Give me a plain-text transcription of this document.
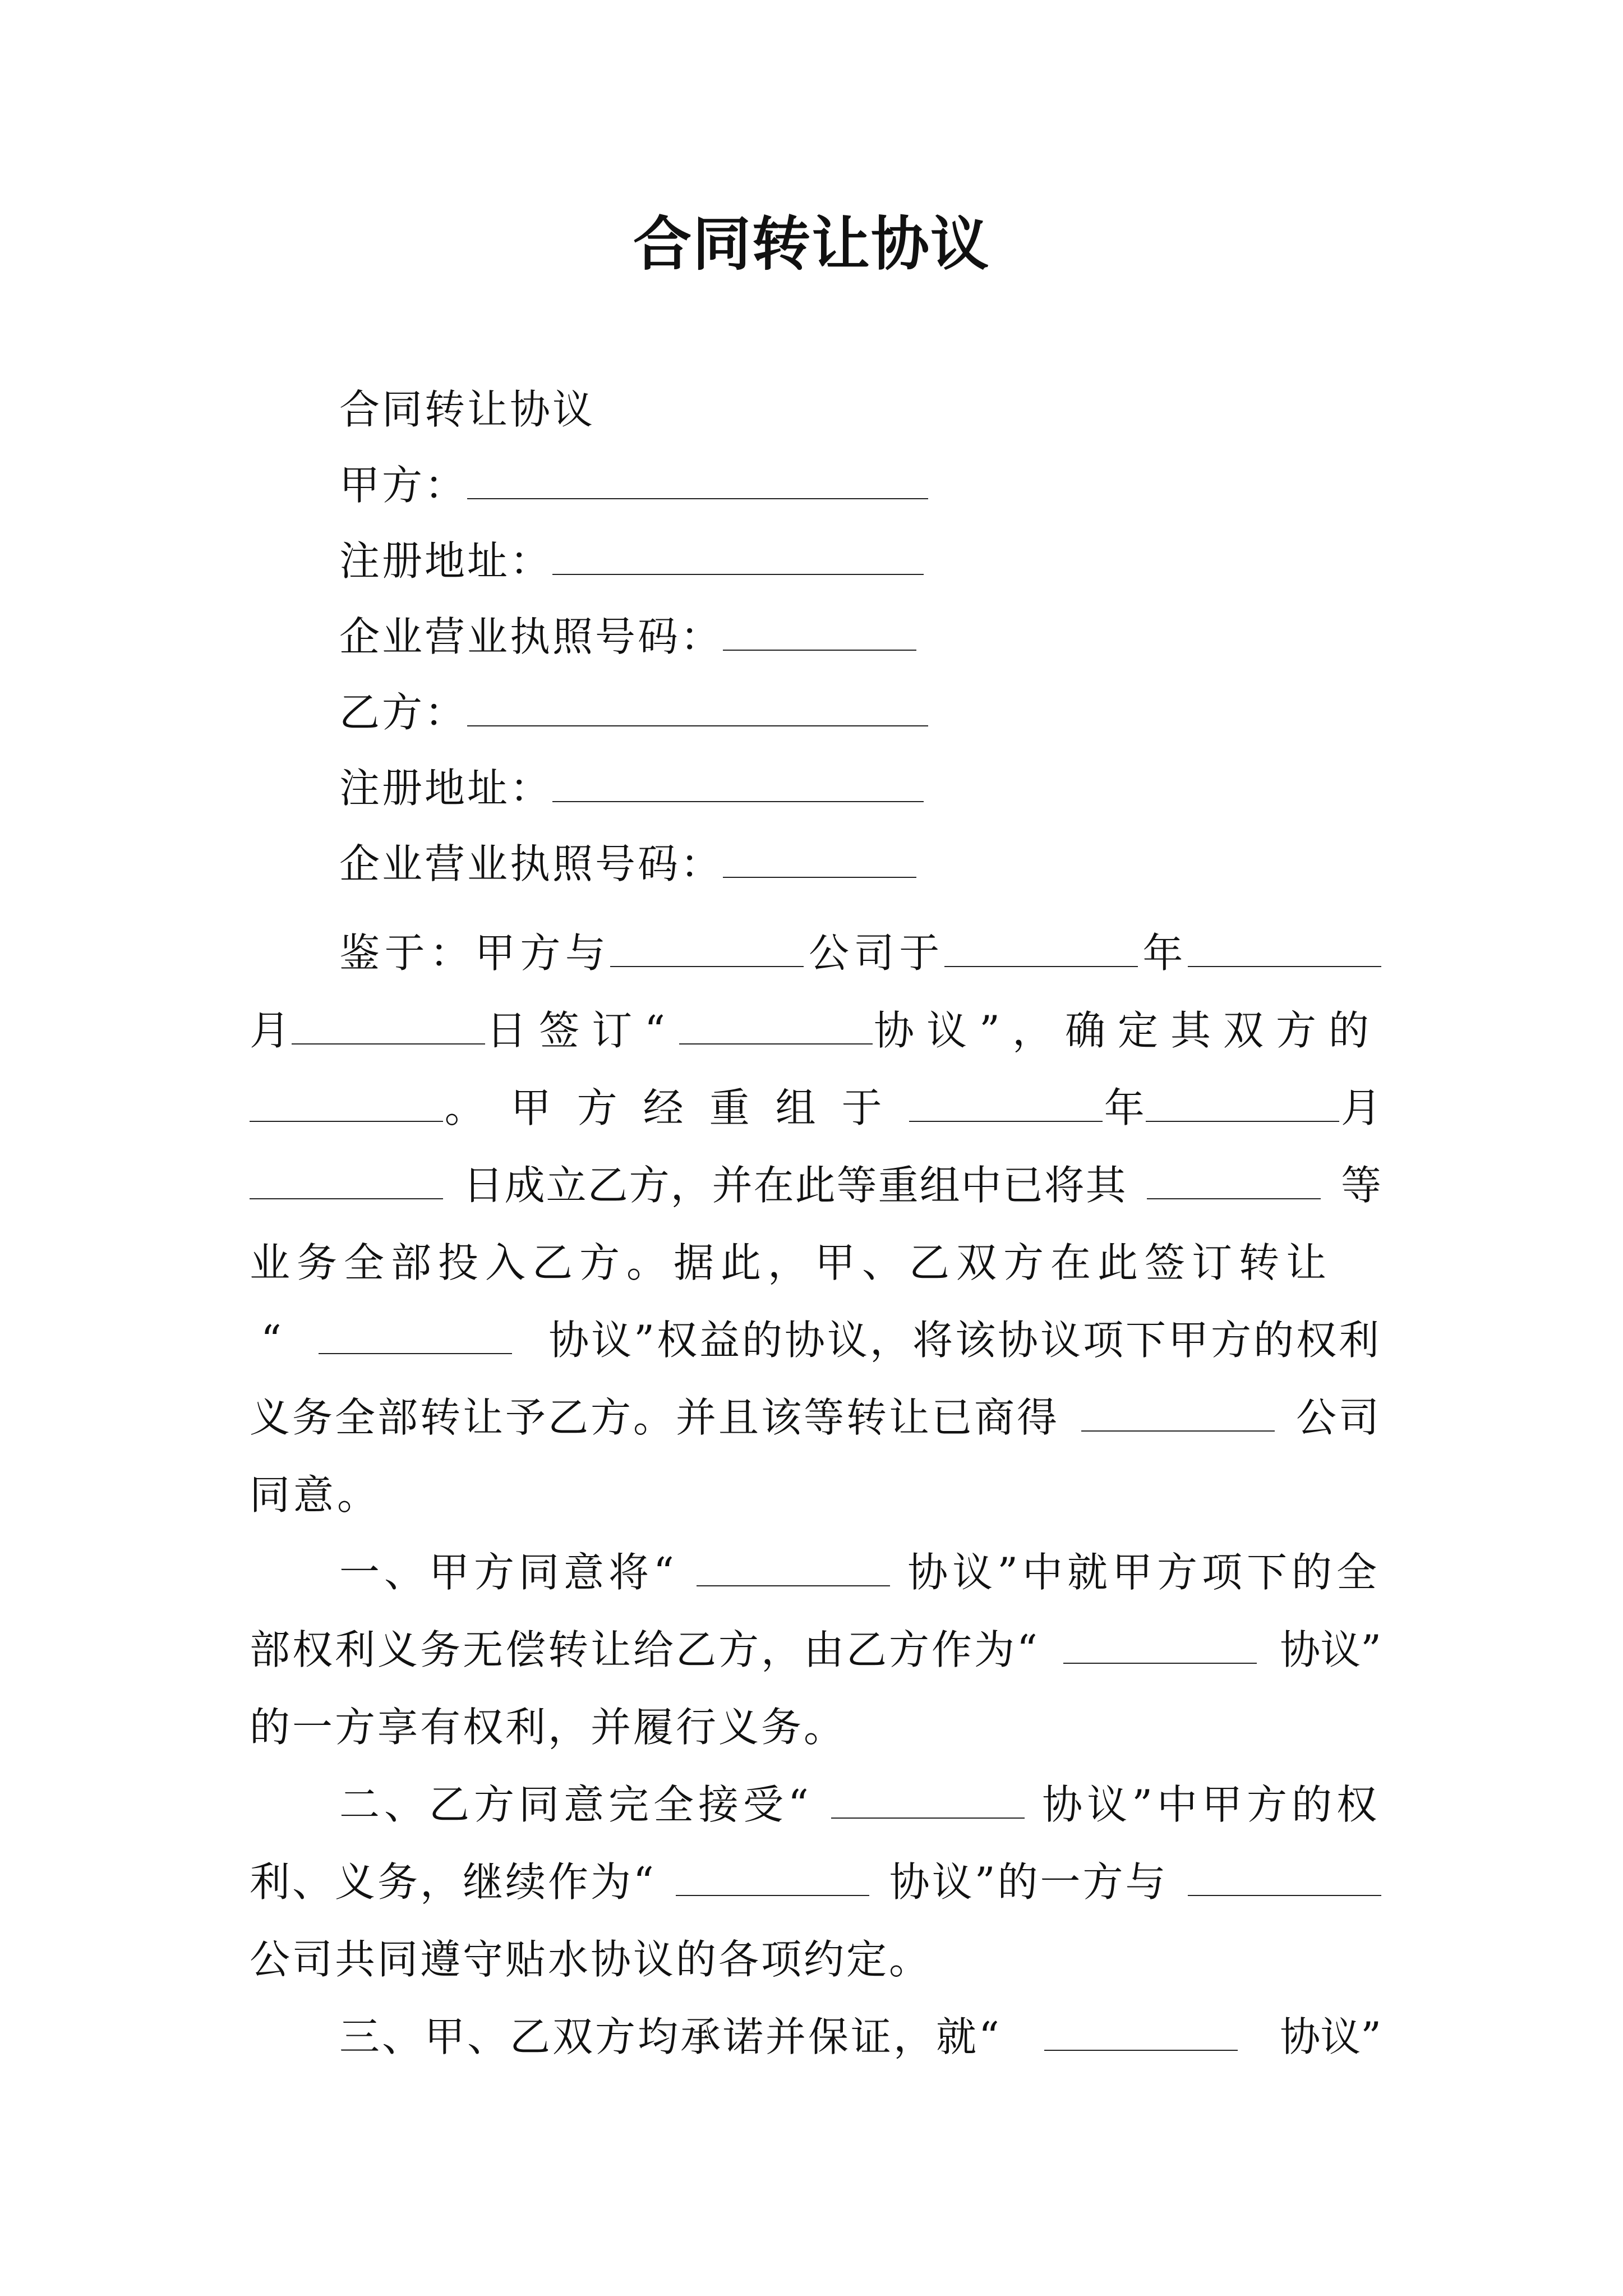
合同转让协议
合同转让协议
甲方：
注册地址：
企业营业执照号码：
乙方：
注册地址：
企业营业执照号码：
鉴 于 ： 甲 方 与	公 司 于	年
月	日签订“	协议”，确定其双方的
。甲方经重组于	年	月
日成立乙方，并在此等重组中已将其	等
业务全部投入乙方。据此，甲、乙双方在此签订转让
“	协议”权益的协议，将该协议项下甲方的权利
义务全部转让予乙方。并且该等转让已商得	公司
同意。
一、甲方同意将“	协议”中就甲方项下的全
部权利义务无偿转让给乙方，由乙方作为“	协议”
的一方享有权利，并履行义务。
二、乙方同意完全接受“	协议”中甲方的权
利、义务，继续作为“	协议”的一方与
公司共同遵守贴水协议的各项约定。
三、甲、乙双方均承诺并保证，就“	协议”
